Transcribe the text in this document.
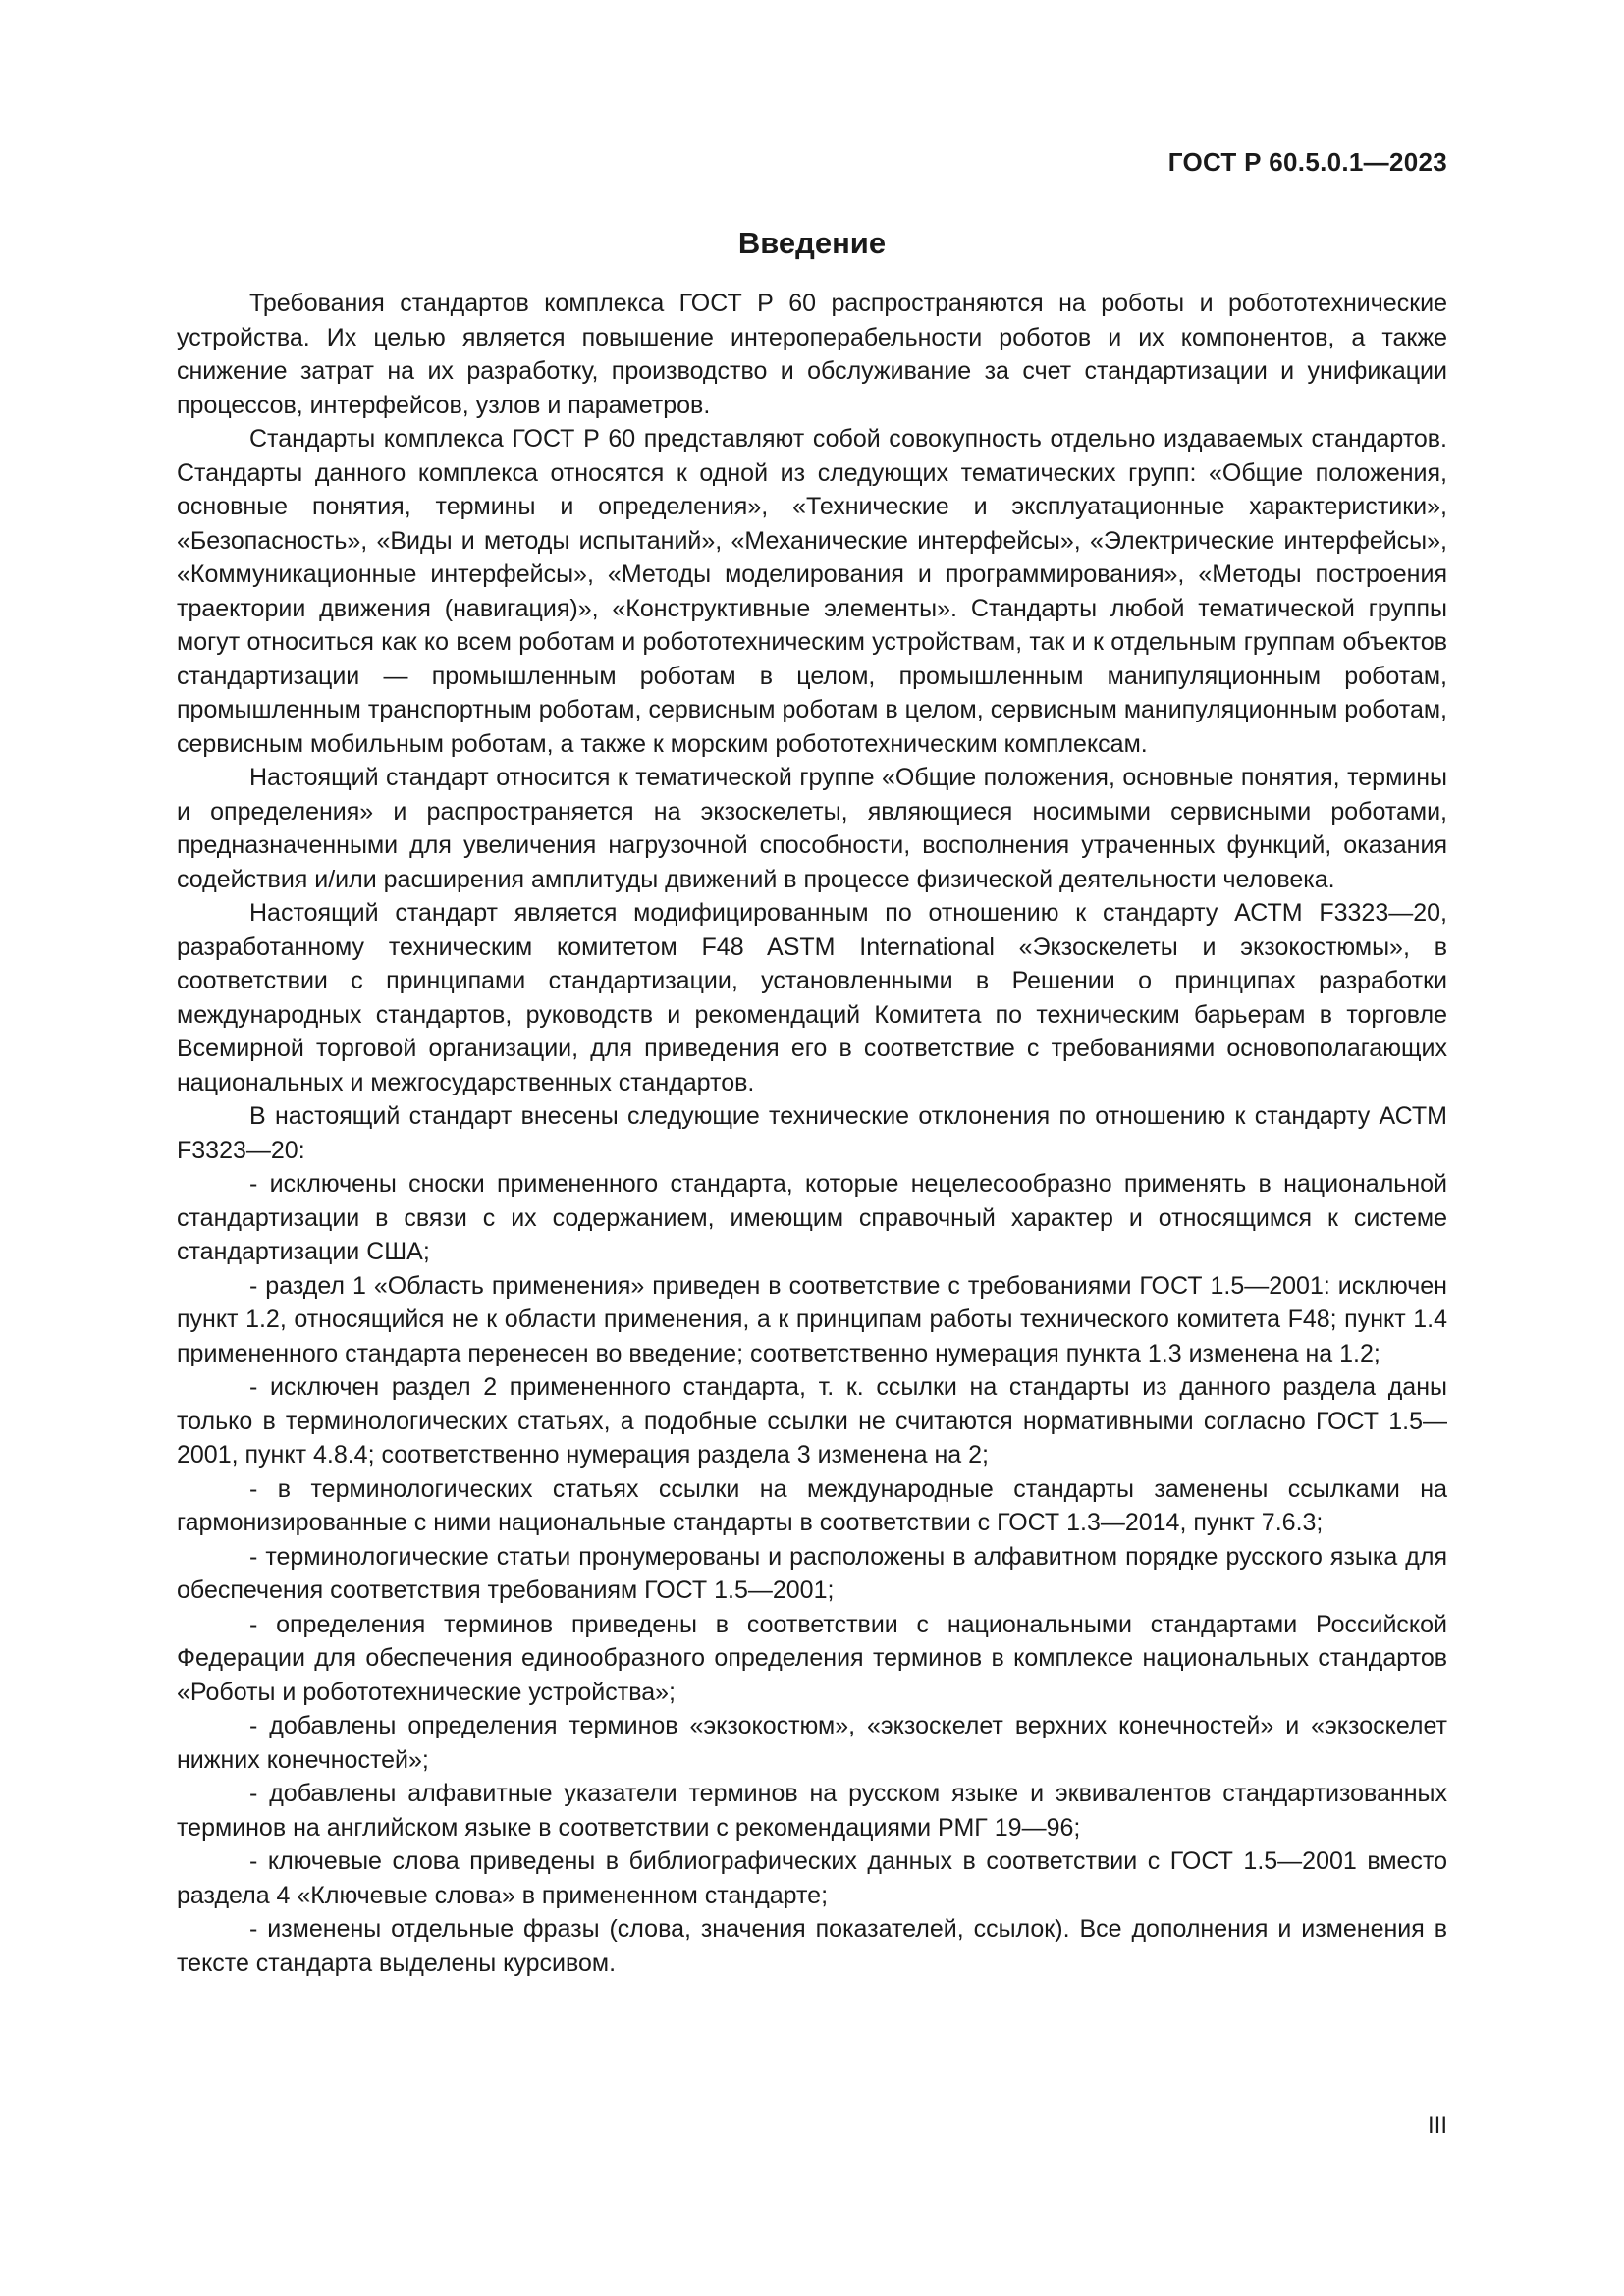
ГОСТ Р 60.5.0.1—2023
Введение

Требования стандартов комплекса ГОСТ Р 60 распространяются на роботы и робототехнические устройства. Их целью является повышение интероперабельности роботов и их компонентов, а также снижение затрат на их разработку, производство и обслуживание за счет стандартизации и унификации процессов, интерфейсов, узлов и параметров.

Стандарты комплекса ГОСТ Р 60 представляют собой совокупность отдельно издаваемых стандартов. Стандарты данного комплекса относятся к одной из следующих тематических групп: «Общие положения, основные понятия, термины и определения», «Технические и эксплуатационные характеристики», «Безопасность», «Виды и методы испытаний», «Механические интерфейсы», «Электрические интерфейсы», «Коммуникационные интерфейсы», «Методы моделирования и программирования», «Методы построения траектории движения (навигация)», «Конструктивные элементы». Стандарты любой тематической группы могут относиться как ко всем роботам и робототехническим устройствам, так и к отдельным группам объектов стандартизации — промышленным роботам в целом, промышленным манипуляционным роботам, промышленным транспортным роботам, сервисным роботам в целом, сервисным манипуляционным роботам, сервисным мобильным роботам, а также к морским робототехническим комплексам.

Настоящий стандарт относится к тематической группе «Общие положения, основные понятия, термины и определения» и распространяется на экзоскелеты, являющиеся носимыми сервисными роботами, предназначенными для увеличения нагрузочной способности, восполнения утраченных функций, оказания содействия и/или расширения амплитуды движений в процессе физической деятельности человека.

Настоящий стандарт является модифицированным по отношению к стандарту АСТМ F3323—20, разработанному техническим комитетом F48 ASTM International «Экзоскелеты и экзокостюмы», в соответствии с принципами стандартизации, установленными в Решении о принципах разработки международных стандартов, руководств и рекомендаций Комитета по техническим барьерам в торговле Всемирной торговой организации, для приведения его в соответствие с требованиями основополагающих национальных и межгосударственных стандартов.

В настоящий стандарт внесены следующие технические отклонения по отношению к стандарту АСТМ F3323—20:

- исключены сноски примененного стандарта, которые нецелесообразно применять в национальной стандартизации в связи с их содержанием, имеющим справочный характер и относящимся к системе стандартизации США;

- раздел 1 «Область применения» приведен в соответствие с требованиями ГОСТ 1.5—2001: исключен пункт 1.2, относящийся не к области применения, а к принципам работы технического комитета F48; пункт 1.4 примененного стандарта перенесен во введение; соответственно нумерация пункта 1.3 изменена на 1.2;

- исключен раздел 2 примененного стандарта, т. к. ссылки на стандарты из данного раздела даны только в терминологических статьях, а подобные ссылки не считаются нормативными согласно ГОСТ 1.5—2001, пункт 4.8.4; соответственно нумерация раздела 3 изменена на 2;

- в терминологических статьях ссылки на международные стандарты заменены ссылками на гармонизированные с ними национальные стандарты в соответствии с ГОСТ 1.3—2014, пункт 7.6.3;

- терминологические статьи пронумерованы и расположены в алфавитном порядке русского языка для обеспечения соответствия требованиям ГОСТ 1.5—2001;

- определения терминов приведены в соответствии с национальными стандартами Российской Федерации для обеспечения единообразного определения терминов в комплексе национальных стандартов «Роботы и робототехнические устройства»;

- добавлены определения терминов «экзокостюм», «экзоскелет верхних конечностей» и «экзоскелет нижних конечностей»;

- добавлены алфавитные указатели терминов на русском языке и эквивалентов стандартизованных терминов на английском языке в соответствии с рекомендациями РМГ 19—96;

- ключевые слова приведены в библиографических данных в соответствии с ГОСТ 1.5—2001 вместо раздела 4 «Ключевые слова» в примененном стандарте;

- изменены отдельные фразы (слова, значения показателей, ссылок). Все дополнения и изменения в тексте стандарта выделены курсивом.

III
